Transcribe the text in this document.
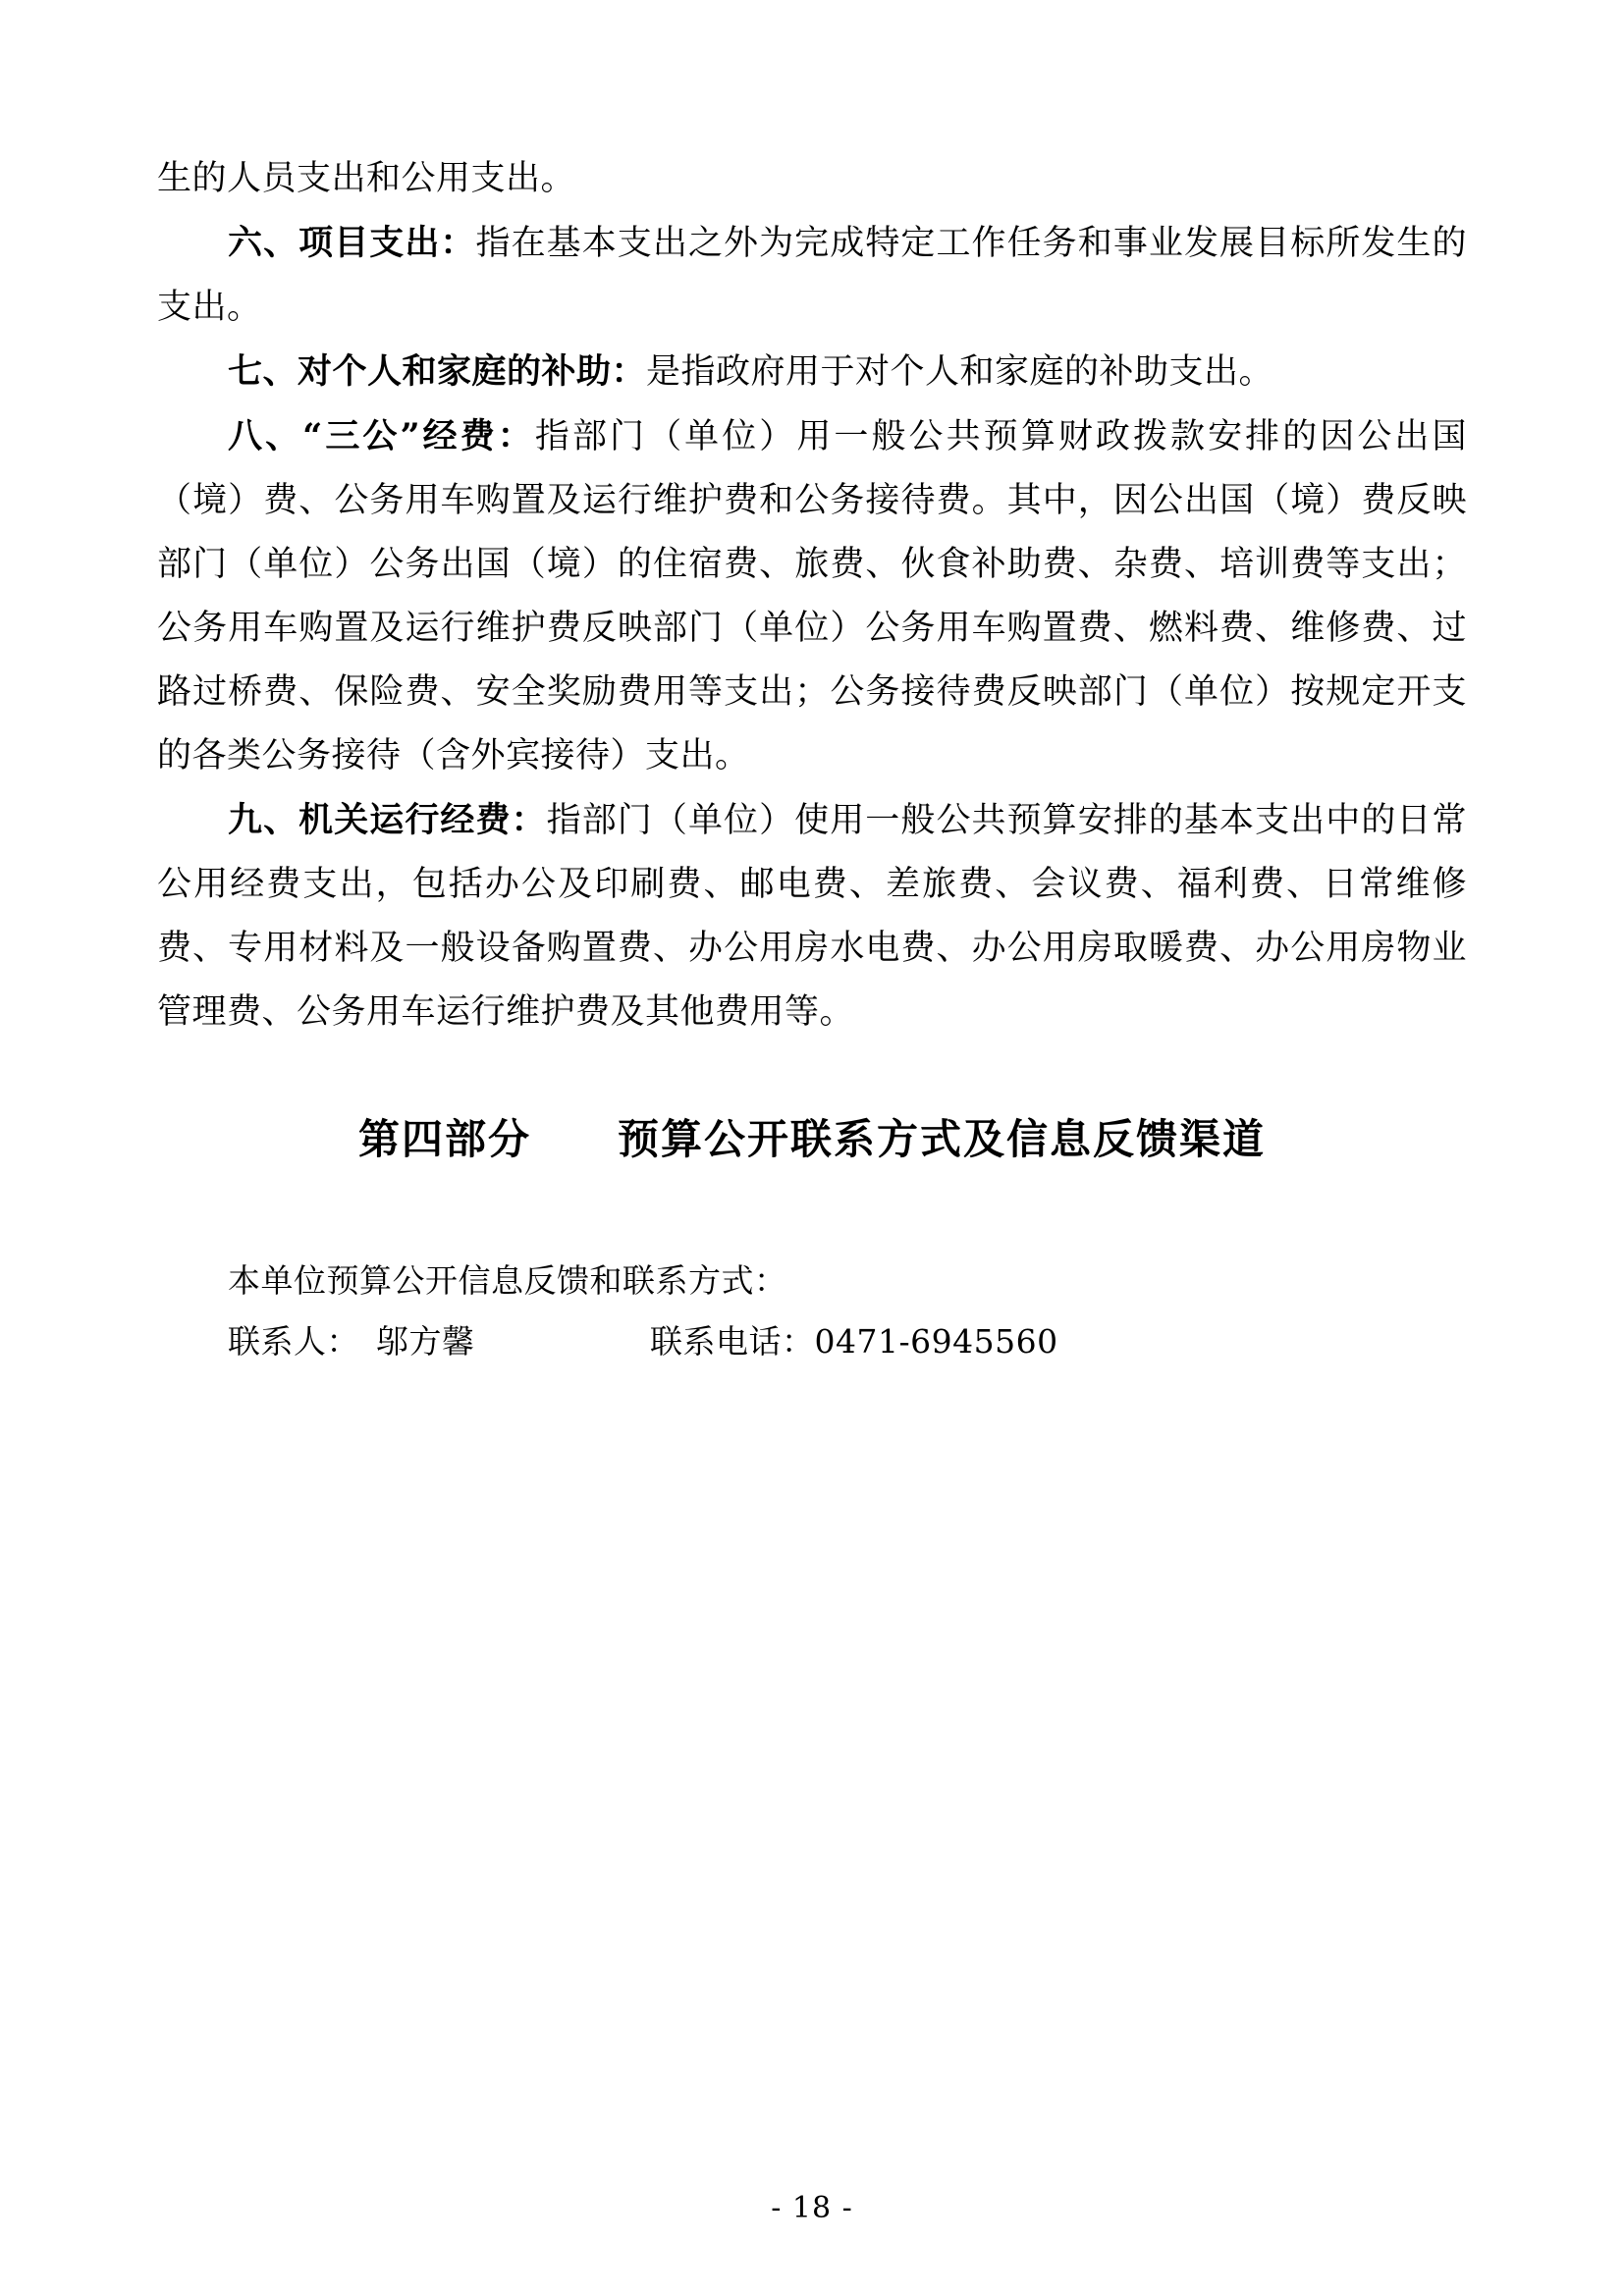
生的人员支出和公用支出。

六、项目支出：指在基本支出之外为完成特定工作任务和事业发展目标所发生的支出。

七、对个人和家庭的补助：是指政府用于对个人和家庭的补助支出。

八、“三公”经费：指部门（单位）用一般公共预算财政拨款安排的因公出国（境）费、公务用车购置及运行维护费和公务接待费。其中，因公出国（境）费反映部门（单位）公务出国（境）的住宿费、旅费、伙食补助费、杂费、培训费等支出；公务用车购置及运行维护费反映部门（单位）公务用车购置费、燃料费、维修费、过路过桥费、保险费、安全奖励费用等支出；公务接待费反映部门（单位）按规定开支的各类公务接待（含外宾接待）支出。

九、机关运行经费：指部门（单位）使用一般公共预算安排的基本支出中的日常公用经费支出，包括办公及印刷费、邮电费、差旅费、会议费、福利费、日常维修费、专用材料及一般设备购置费、办公用房水电费、办公用房取暖费、办公用房物业管理费、公务用车运行维护费及其他费用等。

第四部分　　预算公开联系方式及信息反馈渠道
本单位预算公开信息反馈和联系方式：
联系人：　邬方馨	联系电话：0471-6945560
- 18 -
